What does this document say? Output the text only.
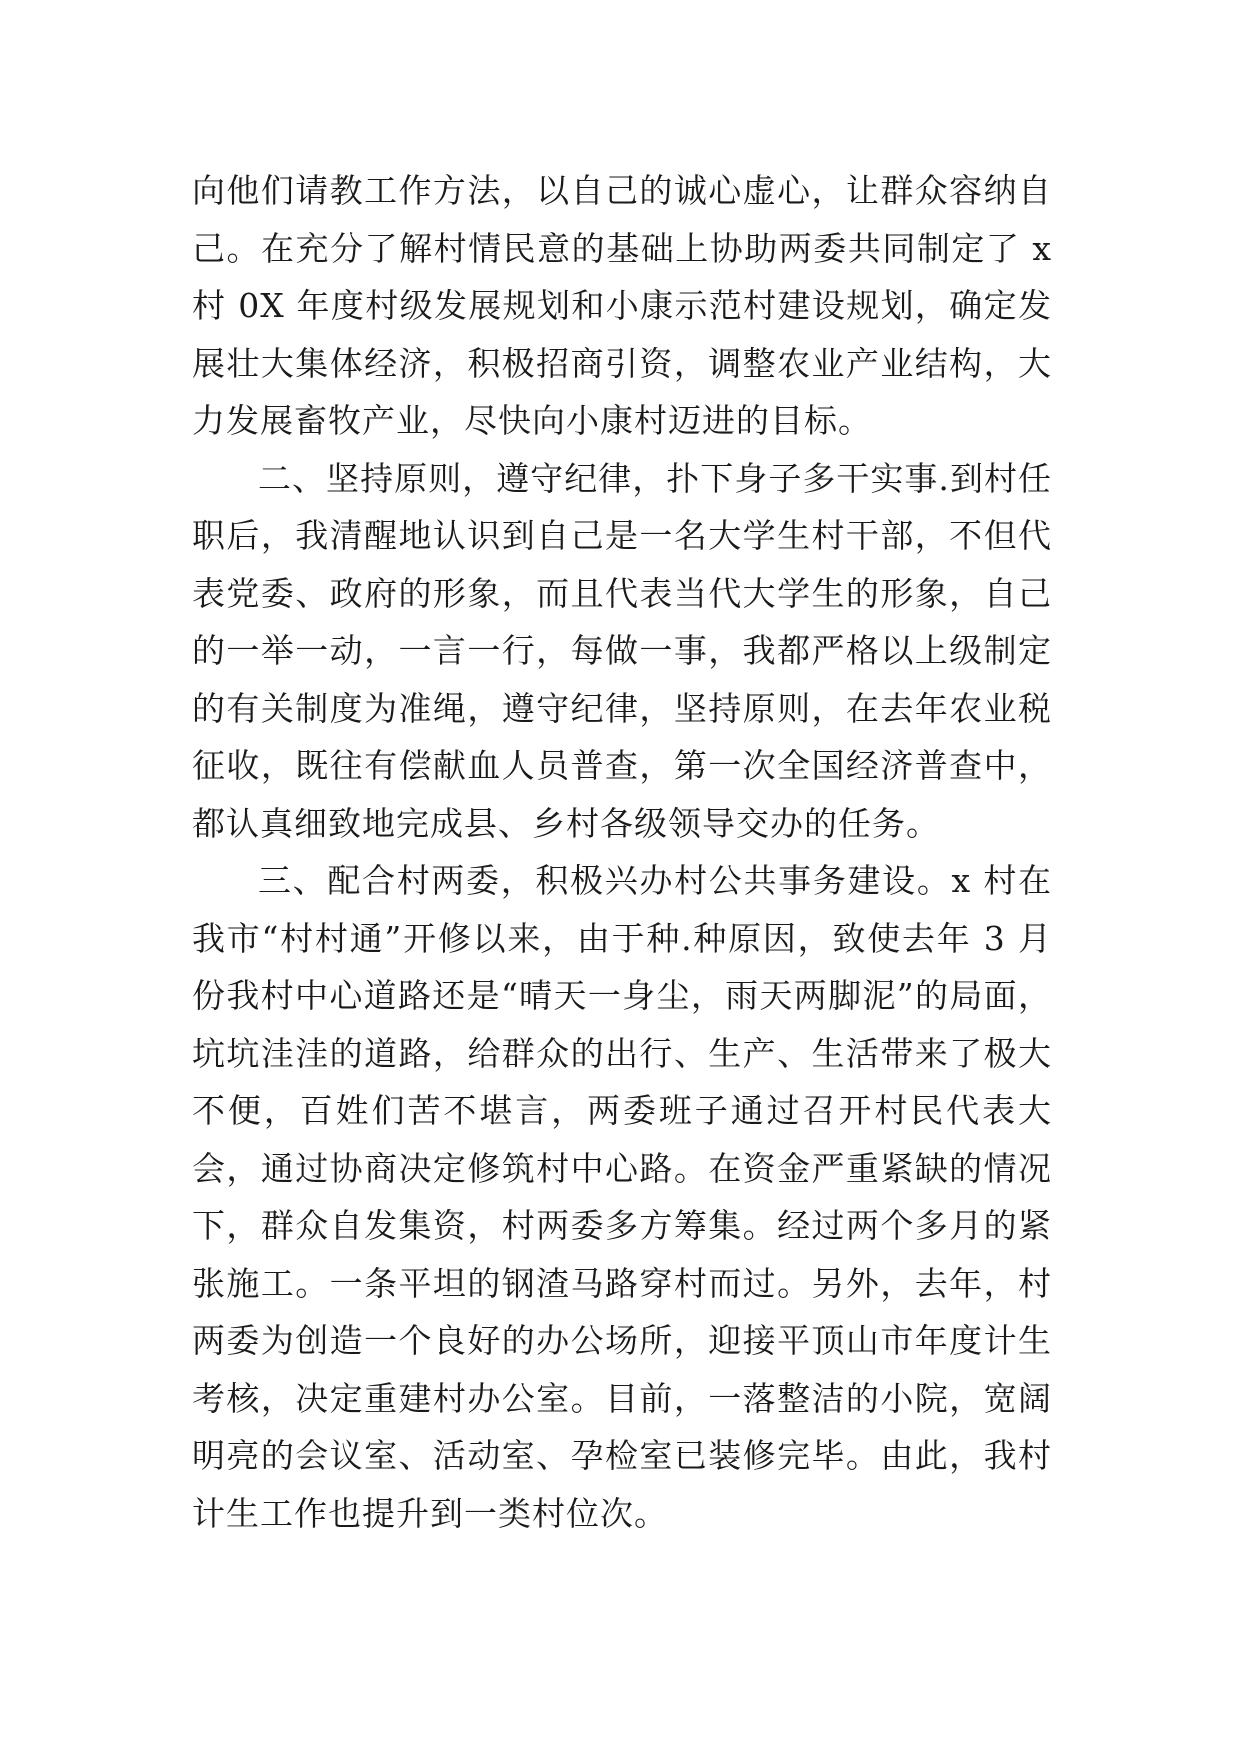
向他们请教工作方法，以自己的诚心虚心，让群众容纳自己。在充分了解村情民意的基础上协助两委共同制定了 x 村 0X 年度村级发展规划和小康示范村建设规划，确定发展壮大集体经济，积极招商引资，调整农业产业结构，大力发展畜牧产业，尽快向小康村迈进的目标。

二、坚持原则，遵守纪律，扑下身子多干实事.到村任职后，我清醒地认识到自己是一名大学生村干部，不但代表党委、政府的形象，而且代表当代大学生的形象，自己的一举一动，一言一行，每做一事，我都严格以上级制定的有关制度为准绳，遵守纪律，坚持原则，在去年农业税征收，既往有偿献血人员普查，第一次全国经济普查中，都认真细致地完成县、乡村各级领导交办的任务。

三、配合村两委，积极兴办村公共事务建设。x 村在我市“村村通”开修以来，由于种.种原因，致使去年 3 月份我村中心道路还是“晴天一身尘，雨天两脚泥”的局面，坑坑洼洼的道路，给群众的出行、生产、生活带来了极大不便，百姓们苦不堪言，两委班子通过召开村民代表大会，通过协商决定修筑村中心路。在资金严重紧缺的情况下，群众自发集资，村两委多方筹集。经过两个多月的紧张施工。一条平坦的钢渣马路穿村而过。另外，去年，村两委为创造一个良好的办公场所，迎接平顶山市年度计生考核，决定重建村办公室。目前，一落整洁的小院，宽阔明亮的会议室、活动室、孕检室已装修完毕。由此，我村计生工作也提升到一类村位次。
